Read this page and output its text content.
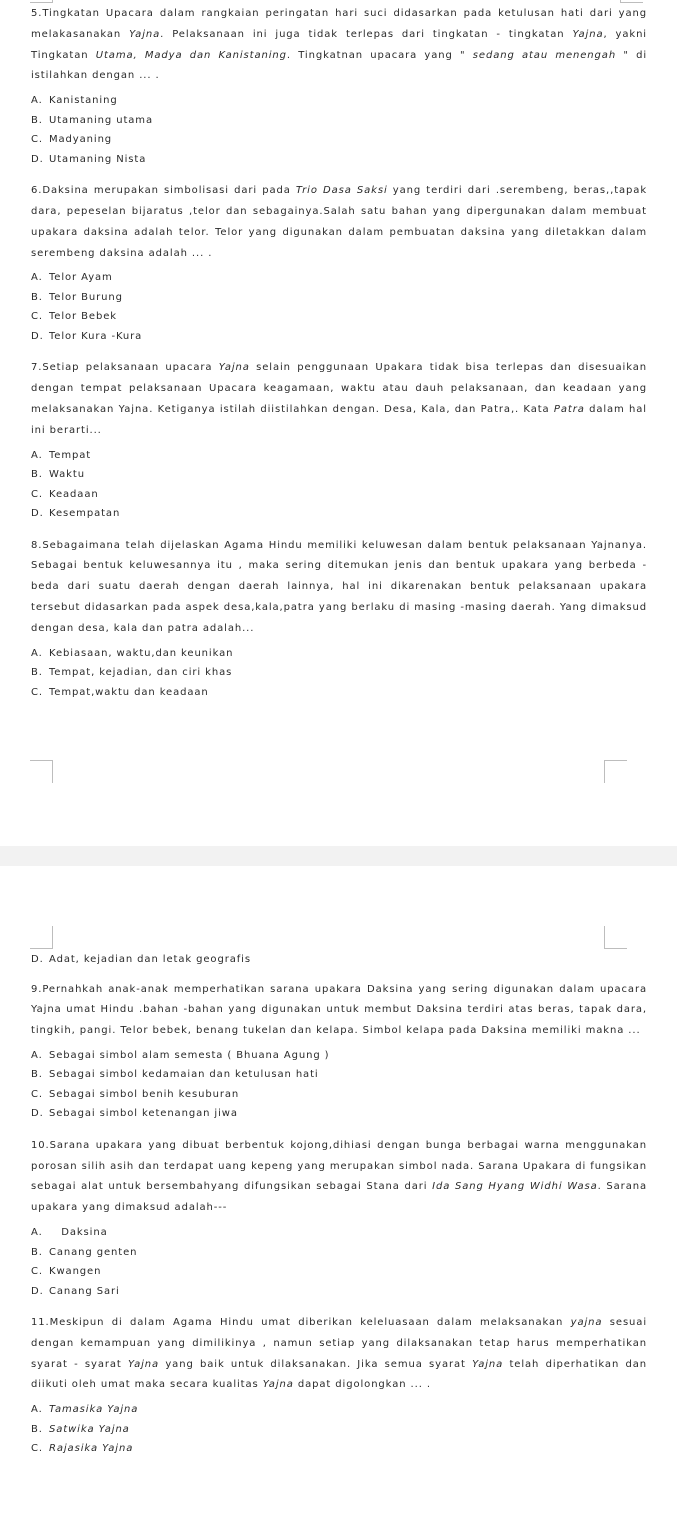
5.Tingkatan Upacara dalam rangkaian peringatan hari suci didasarkan pada ketulusan hati dari yang melakasanakan Yajna. Pelaksanaan ini juga tidak terlepas dari tingkatan - tingkatan Yajna, yakni Tingkatan Utama, Madya dan Kanistaning. Tingkatnan upacara yang " sedang atau menengah " di istilahkan dengan ... .

A. Kanistaning
B. Utamaning utama
C. Madyaning
D. Utamaning Nista

6.Daksina merupakan simbolisasi dari pada Trio Dasa Saksi yang terdiri dari .serembeng, beras,,tapak dara, pepeselan bijaratus ,telor dan sebagainya.Salah satu bahan yang dipergunakan dalam membuat upakara daksina adalah telor. Telor yang digunakan dalam pembuatan daksina yang diletakkan dalam serembeng daksina adalah ... .

A. Telor Ayam
B. Telor Burung
C. Telor Bebek
D. Telor Kura -Kura

7.Setiap pelaksanaan upacara Yajna selain penggunaan Upakara tidak bisa terlepas dan disesuaikan dengan tempat pelaksanaan Upacara keagamaan, waktu atau dauh pelaksanaan, dan keadaan yang melaksanakan Yajna. Ketiganya istilah diistilahkan dengan. Desa, Kala, dan Patra,. Kata Patra dalam hal ini berarti...

A. Tempat
B. Waktu
C. Keadaan
D. Kesempatan

8.Sebagaimana telah dijelaskan Agama Hindu memiliki keluwesan dalam bentuk pelaksanaan Yajnanya. Sebagai bentuk keluwesannya itu , maka sering ditemukan jenis dan bentuk upakara yang berbeda -beda dari suatu daerah dengan daerah lainnya, hal ini dikarenakan bentuk pelaksanaan upakara tersebut didasarkan pada aspek desa,kala,patra yang berlaku di masing -masing daerah. Yang dimaksud dengan desa, kala dan patra adalah...

A. Kebiasaan, waktu,dan keunikan
B. Tempat, kejadian, dan ciri khas
C. Tempat,waktu dan keadaan
D. Adat, kejadian dan letak geografis

9.Pernahkah anak-anak memperhatikan sarana upakara Daksina yang sering digunakan dalam upacara Yajna umat Hindu .bahan -bahan yang digunakan untuk membut Daksina terdiri atas beras, tapak dara, tingkih, pangi. Telor bebek, benang tukelan dan kelapa. Simbol kelapa pada Daksina memiliki makna ...

A. Sebagai simbol alam semesta ( Bhuana Agung )
B. Sebagai simbol kedamaian dan ketulusan hati
C. Sebagai simbol benih kesuburan
D. Sebagai simbol ketenangan jiwa

10.Sarana upakara yang dibuat berbentuk kojong,dihiasi dengan bunga berbagai warna menggunakan porosan silih asih dan terdapat uang kepeng yang merupakan simbol nada. Sarana Upakara di fungsikan sebagai alat untuk bersembahyang difungsikan sebagai Stana dari Ida Sang Hyang Widhi Wasa. Sarana upakara yang dimaksud adalah---

A. Daksina
B. Canang genten
C. Kwangen
D. Canang Sari

11.Meskipun di dalam Agama Hindu umat diberikan keleluasaan dalam melaksanakan yajna sesuai dengan kemampuan yang dimilikinya , namun setiap yang dilaksanakan tetap harus memperhatikan syarat - syarat Yajna yang baik untuk dilaksanakan. Jika semua syarat Yajna telah diperhatikan dan diikuti oleh umat maka secara kualitas Yajna dapat digolongkan ... .

A. Tamasika Yajna
B. Satwika Yajna
C. Rajasika Yajna
